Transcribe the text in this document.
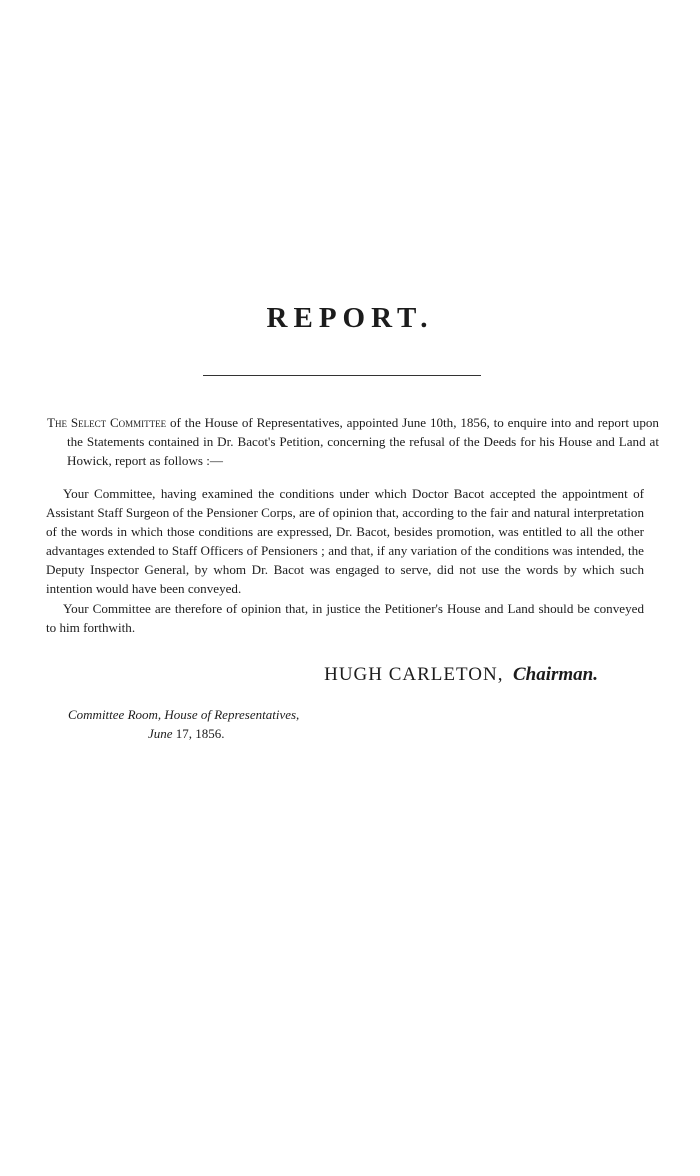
REPORT.
The Select Committee of the House of Representatives, appointed June 10th, 1856, to enquire into and report upon the Statements contained in Dr. Bacot's Petition, concerning the refusal of the Deeds for his House and Land at Howick, report as follows :—
Your Committee, having examined the conditions under which Doctor Bacot accepted the appointment of Assistant Staff Surgeon of the Pensioner Corps, are of opinion that, according to the fair and natural interpretation of the words in which those conditions are expressed, Dr. Bacot, besides promotion, was entitled to all the other advantages extended to Staff Officers of Pensioners ; and that, if any variation of the conditions was intended, the Deputy Inspector General, by whom Dr. Bacot was engaged to serve, did not use the words by which such intention would have been conveyed.
Your Committee are therefore of opinion that, in justice the Petitioner's House and Land should be conveyed to him forthwith.
HUGH CARLETON, Chairman.
Committee Room, House of Representatives,
June 17, 1856.
